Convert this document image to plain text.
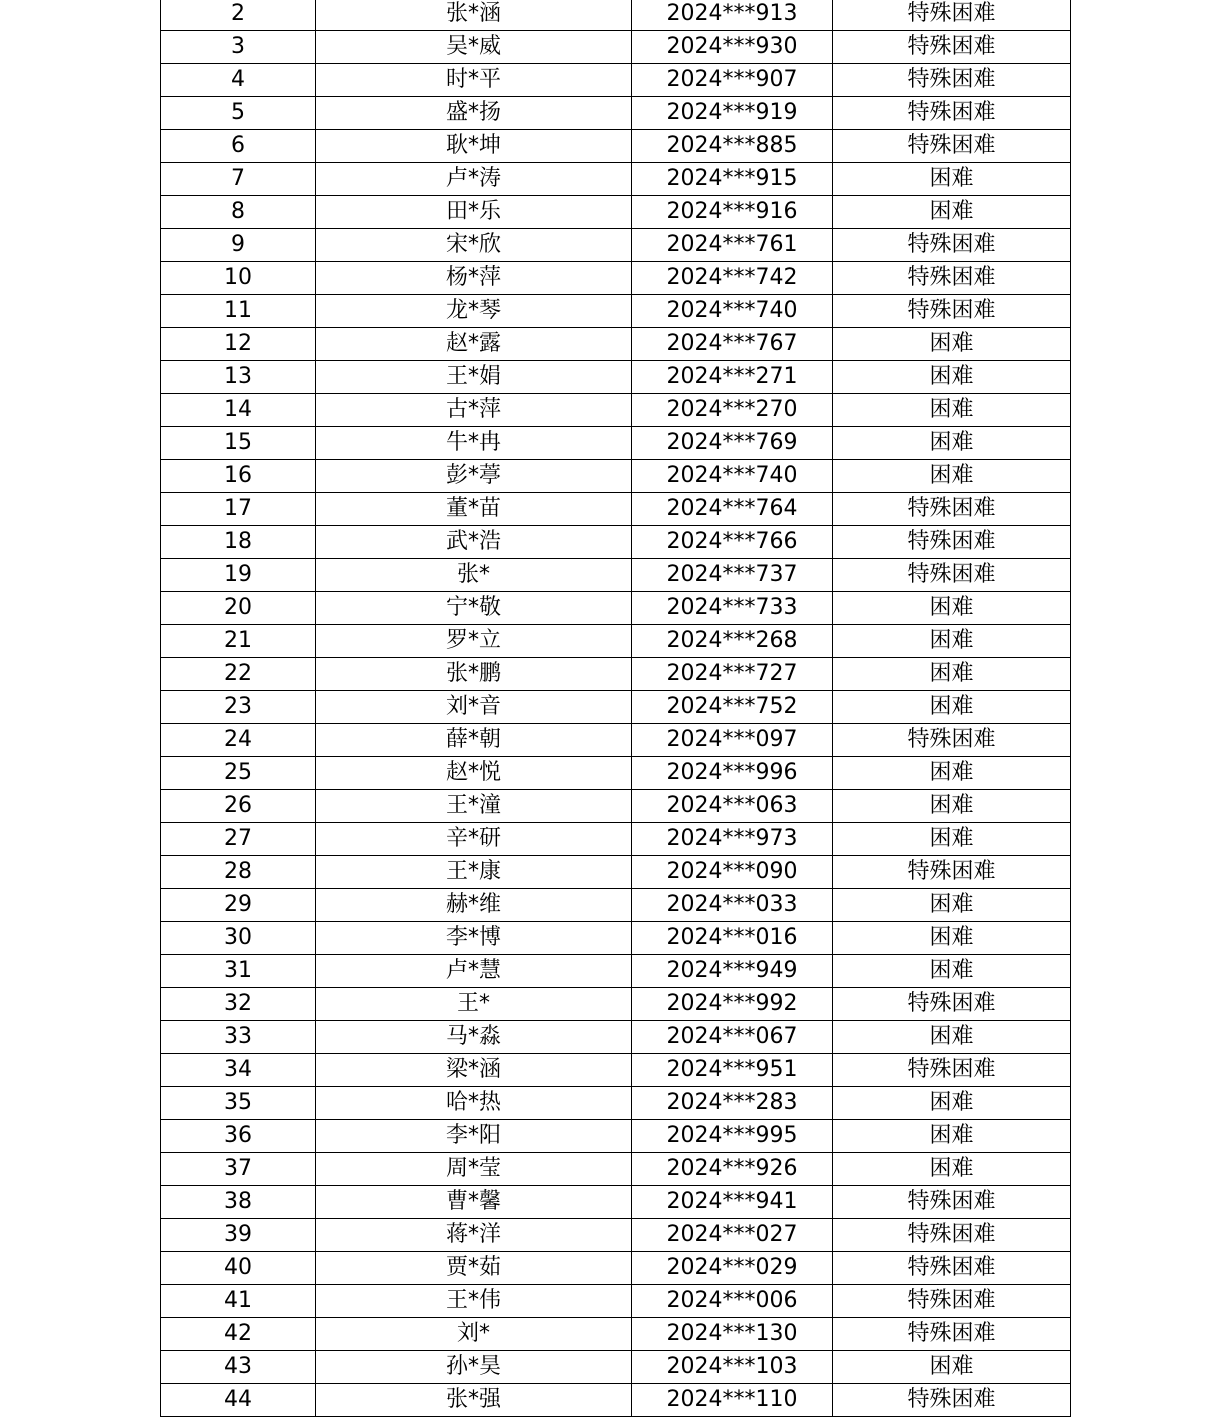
2	张*涵	2024***913	特殊困难
3	吴*威	2024***930	特殊困难
4	时*平	2024***907	特殊困难
5	盛*扬	2024***919	特殊困难
6	耿*坤	2024***885	特殊困难
7	卢*涛	2024***915	困难
8	田*乐	2024***916	困难
9	宋*欣	2024***761	特殊困难
10	杨*萍	2024***742	特殊困难
11	龙*琴	2024***740	特殊困难
12	赵*露	2024***767	困难
13	王*娟	2024***271	困难
14	古*萍	2024***270	困难
15	牛*冉	2024***769	困难
16	彭*葶	2024***740	困难
17	董*苗	2024***764	特殊困难
18	武*浩	2024***766	特殊困难
19	张*	2024***737	特殊困难
20	宁*敬	2024***733	困难
21	罗*立	2024***268	困难
22	张*鹏	2024***727	困难
23	刘*音	2024***752	困难
24	薛*朝	2024***097	特殊困难
25	赵*悦	2024***996	困难
26	王*潼	2024***063	困难
27	辛*研	2024***973	困难
28	王*康	2024***090	特殊困难
29	赫*维	2024***033	困难
30	李*博	2024***016	困难
31	卢*慧	2024***949	困难
32	王*	2024***992	特殊困难
33	马*淼	2024***067	困难
34	梁*涵	2024***951	特殊困难
35	哈*热	2024***283	困难
36	李*阳	2024***995	困难
37	周*莹	2024***926	困难
38	曹*馨	2024***941	特殊困难
39	蒋*洋	2024***027	特殊困难
40	贾*茹	2024***029	特殊困难
41	王*伟	2024***006	特殊困难
42	刘*	2024***130	特殊困难
43	孙*昊	2024***103	困难
44	张*强	2024***110	特殊困难
